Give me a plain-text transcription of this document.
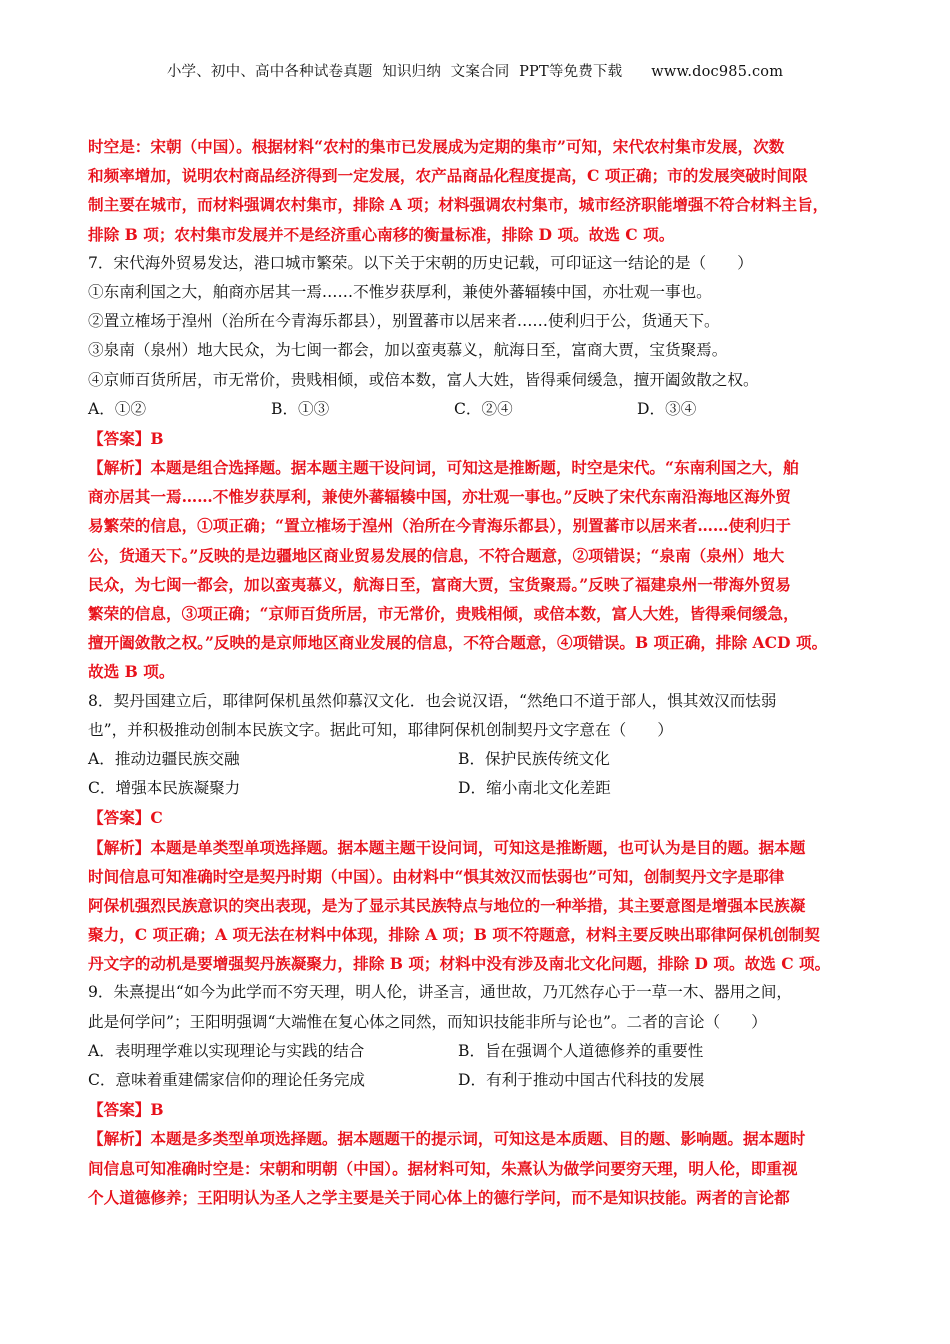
小学、初中、高中各种试卷真题  知识归纳  文案合同  PPT等免费下载      www.doc985.com
时空是：宋朝（中国）。根据材料“农村的集市已发展成为定期的集市”可知，宋代农村集市发展，次数
和频率增加，说明农村商品经济得到一定发展，农产品商品化程度提高，C 项正确；市的发展突破时间限
制主要在城市，而材料强调农村集市，排除 A 项；材料强调农村集市，城市经济职能增强不符合材料主旨，
排除 B 项；农村集市发展并不是经济重心南移的衡量标准，排除 D 项。故选 C 项。
7．宋代海外贸易发达，港口城市繁荣。以下关于宋朝的历史记载，可印证这一结论的是（　　）
①东南利国之大，舶商亦居其一焉……不惟岁获厚利，兼使外蕃辐辏中国，亦壮观一事也。
②置立榷场于湟州（治所在今青海乐都县），别置蕃市以居来者……使利归于公，货通天下。
③泉南（泉州）地大民众，为七闽一都会，加以蛮夷慕义，航海日至，富商大贾，宝货聚焉。
④京师百货所居，市无常价，贵贱相倾，或倍本数，富人大姓，皆得乘伺缓急，擅开阖敛散之权。
A．①②	B．①③	C．②④	D．③④
【答案】B
【解析】本题是组合选择题。据本题主题干设问词，可知这是推断题，时空是宋代。“东南利国之大，舶
商亦居其一焉……不惟岁获厚利，兼使外蕃辐辏中国，亦壮观一事也。”反映了宋代东南沿海地区海外贸
易繁荣的信息，①项正确；“置立榷场于湟州（治所在今青海乐都县），别置蕃市以居来者……使利归于
公，货通天下。”反映的是边疆地区商业贸易发展的信息，不符合题意，②项错误；“泉南（泉州）地大
民众，为七闽一都会，加以蛮夷慕义，航海日至，富商大贾，宝货聚焉。”反映了福建泉州一带海外贸易
繁荣的信息，③项正确；“京师百货所居，市无常价，贵贱相倾，或倍本数，富人大姓，皆得乘伺缓急，
擅开阖敛散之权。”反映的是京师地区商业发展的信息，不符合题意，④项错误。B 项正确，排除 ACD 项。
故选 B 项。
8．契丹国建立后，耶律阿保机虽然仰慕汉文化．也会说汉语，“然绝口不道于部人，惧其效汉而怯弱
也”，并积极推动创制本民族文字。据此可知，耶律阿保机创制契丹文字意在（　　）
A．推动边疆民族交融	B．保护民族传统文化
C．增强本民族凝聚力	D．缩小南北文化差距
【答案】C
【解析】本题是单类型单项选择题。据本题主题干设问词，可知这是推断题，也可认为是目的题。据本题
时间信息可知准确时空是契丹时期（中国）。由材料中“惧其效汉而怯弱也”可知，创制契丹文字是耶律
阿保机强烈民族意识的突出表现，是为了显示其民族特点与地位的一种举措，其主要意图是增强本民族凝
聚力，C 项正确；A 项无法在材料中体现，排除 A 项；B 项不符题意，材料主要反映出耶律阿保机创制契
丹文字的动机是要增强契丹族凝聚力，排除 B 项；材料中没有涉及南北文化问题，排除 D 项。故选 C 项。
9．朱熹提出“如今为此学而不穷天理，明人伦，讲圣言，通世故，乃兀然存心于一草一木、器用之间，
此是何学问”；王阳明强调“大端惟在复心体之同然，而知识技能非所与论也”。二者的言论（　　）
A．表明理学难以实现理论与实践的结合	B．旨在强调个人道德修养的重要性
C．意味着重建儒家信仰的理论任务完成	D．有利于推动中国古代科技的发展
【答案】B
【解析】本题是多类型单项选择题。据本题题干的提示词，可知这是本质题、目的题、影响题。据本题时
间信息可知准确时空是：宋朝和明朝（中国）。据材料可知，朱熹认为做学问要穷天理，明人伦，即重视
个人道德修养；王阳明认为圣人之学主要是关于同心体上的德行学问，而不是知识技能。两者的言论都
